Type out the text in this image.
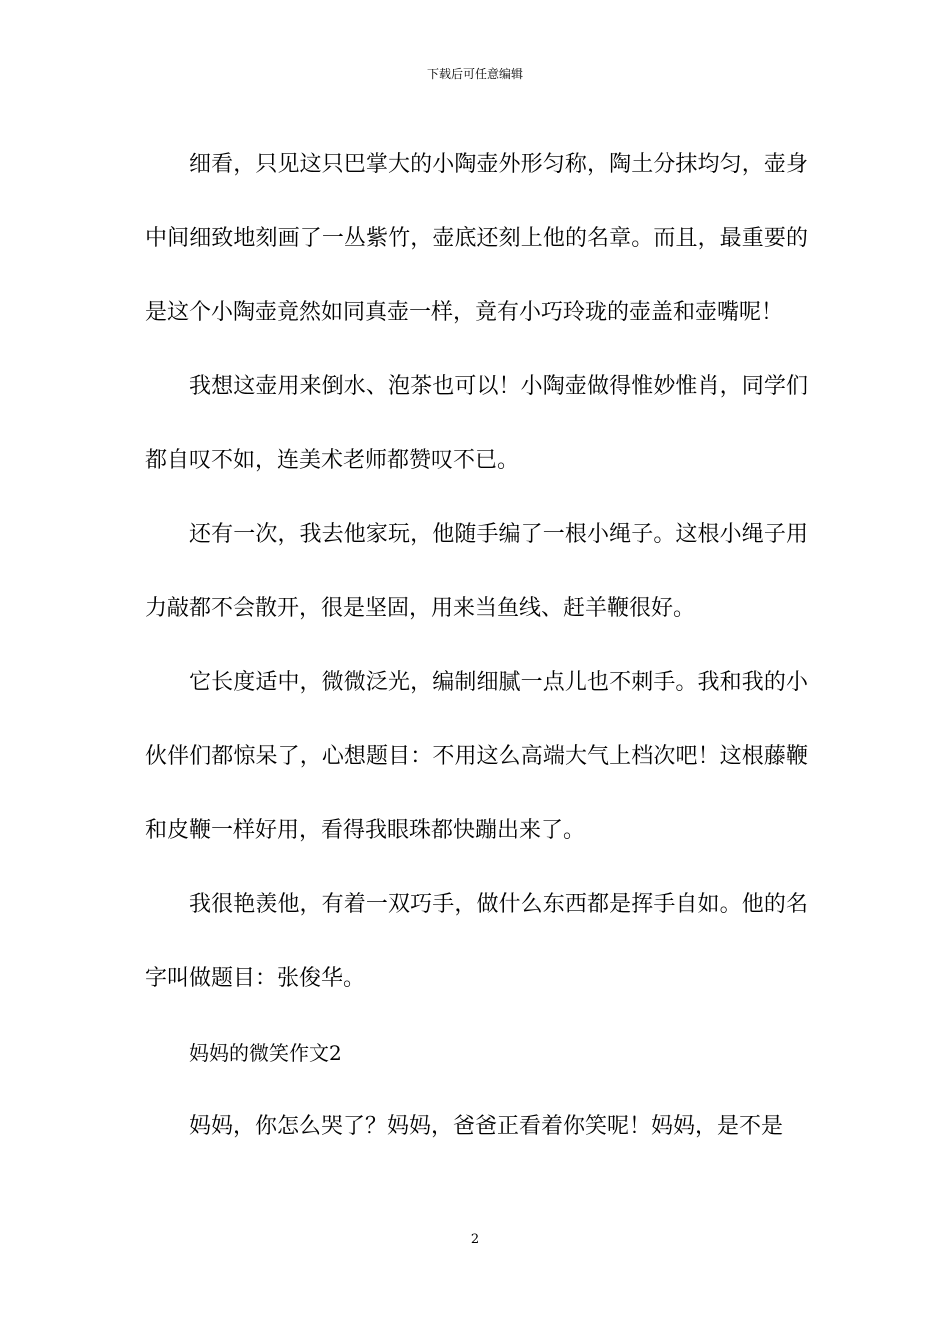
下载后可任意编辑

细看，只见这只巴掌大的小陶壶外形匀称，陶土分抹均匀，壶身中间细致地刻画了一丛紫竹，壶底还刻上他的名章。而且，最重要的是这个小陶壶竟然如同真壶一样，竟有小巧玲珑的壶盖和壶嘴呢！

我想这壶用来倒水、泡茶也可以！小陶壶做得惟妙惟肖，同学们都自叹不如，连美术老师都赞叹不已。

还有一次，我去他家玩，他随手编了一根小绳子。这根小绳子用力敲都不会散开，很是坚固，用来当鱼线、赶羊鞭很好。

它长度适中，微微泛光，编制细腻一点儿也不刺手。我和我的小伙伴们都惊呆了，心想题目：不用这么高端大气上档次吧！这根藤鞭和皮鞭一样好用，看得我眼珠都快蹦出来了。

我很艳羡他，有着一双巧手，做什么东西都是挥手自如。他的名字叫做题目：张俊华。

妈妈的微笑作文2

妈妈，你怎么哭了？妈妈，爸爸正看着你笑呢！妈妈，是不是

2
